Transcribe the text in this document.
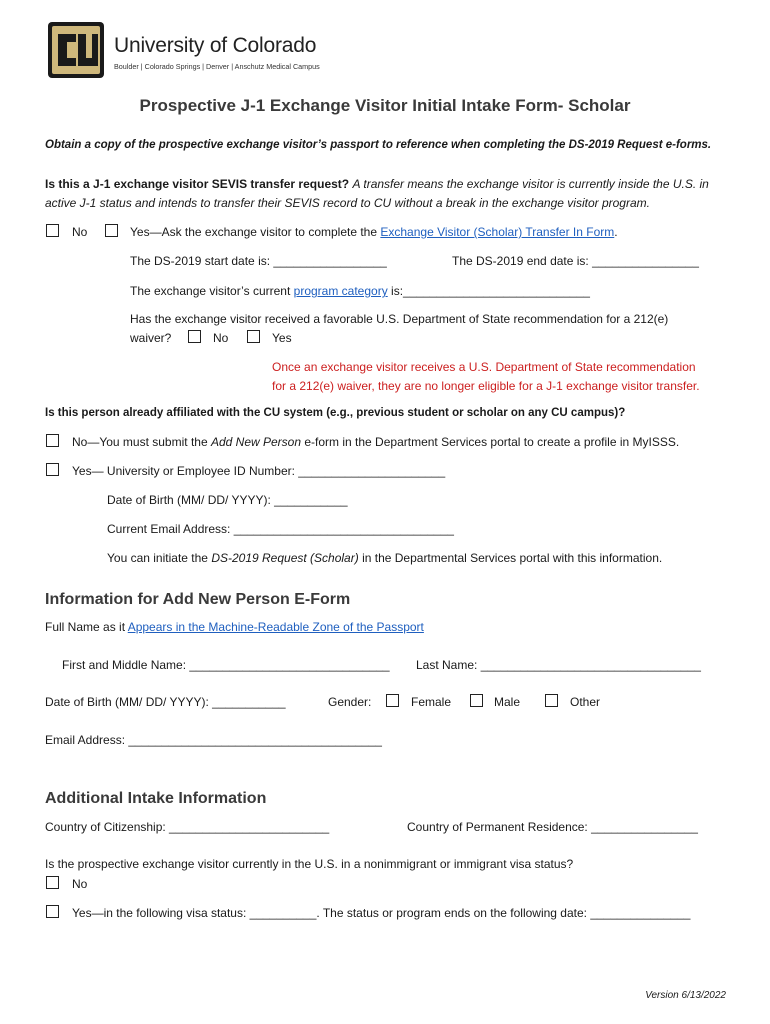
University of Colorado
Boulder | Colorado Springs | Denver | Anschutz Medical Campus
Prospective J-1 Exchange Visitor Initial Intake Form- Scholar
Obtain a copy of the prospective exchange visitor’s passport to reference when completing the DS-2019 Request e-forms.
Is this a J-1 exchange visitor SEVIS transfer request? A transfer means the exchange visitor is currently inside the U.S. in
active J-1 status and intends to transfer their SEVIS record to CU without a break in the exchange visitor program.
No	Yes—Ask the exchange visitor to complete the Exchange Visitor (Scholar) Transfer In Form.
The DS-2019 start date is: _________________	The DS-2019 end date is: ________________
The exchange visitor’s current program category is:____________________________
Has the exchange visitor received a favorable U.S. Department of State recommendation for a 212(e)
waiver?	No	Yes
Once an exchange visitor receives a U.S. Department of State recommendation
for a 212(e) waiver, they are no longer eligible for a J-1 exchange visitor transfer.
Is this person already affiliated with the CU system (e.g., previous student or scholar on any CU campus)?
No—You must submit the Add New Person e-form in the Department Services portal to create a profile in MyISSS.
Yes— University or Employee ID Number: ______________________
Date of Birth (MM/ DD/ YYYY): ___________
Current Email Address: _________________________________
You can initiate the DS-2019 Request (Scholar) in the Departmental Services portal with this information.
Information for Add New Person E-Form
Full Name as it Appears in the Machine-Readable Zone of the Passport
First and Middle Name: ______________________________ Last Name: _________________________________
Date of Birth (MM/ DD/ YYYY): ___________	Gender:	Female	Male	Other
Email Address: ______________________________________
Additional Intake Information
Country of Citizenship: ________________________	Country of Permanent Residence: ________________
Is the prospective exchange visitor currently in the U.S. in a nonimmigrant or immigrant visa status?
No
Yes—in the following visa status: __________. The status or program ends on the following date: _______________
Version 6/13/2022
